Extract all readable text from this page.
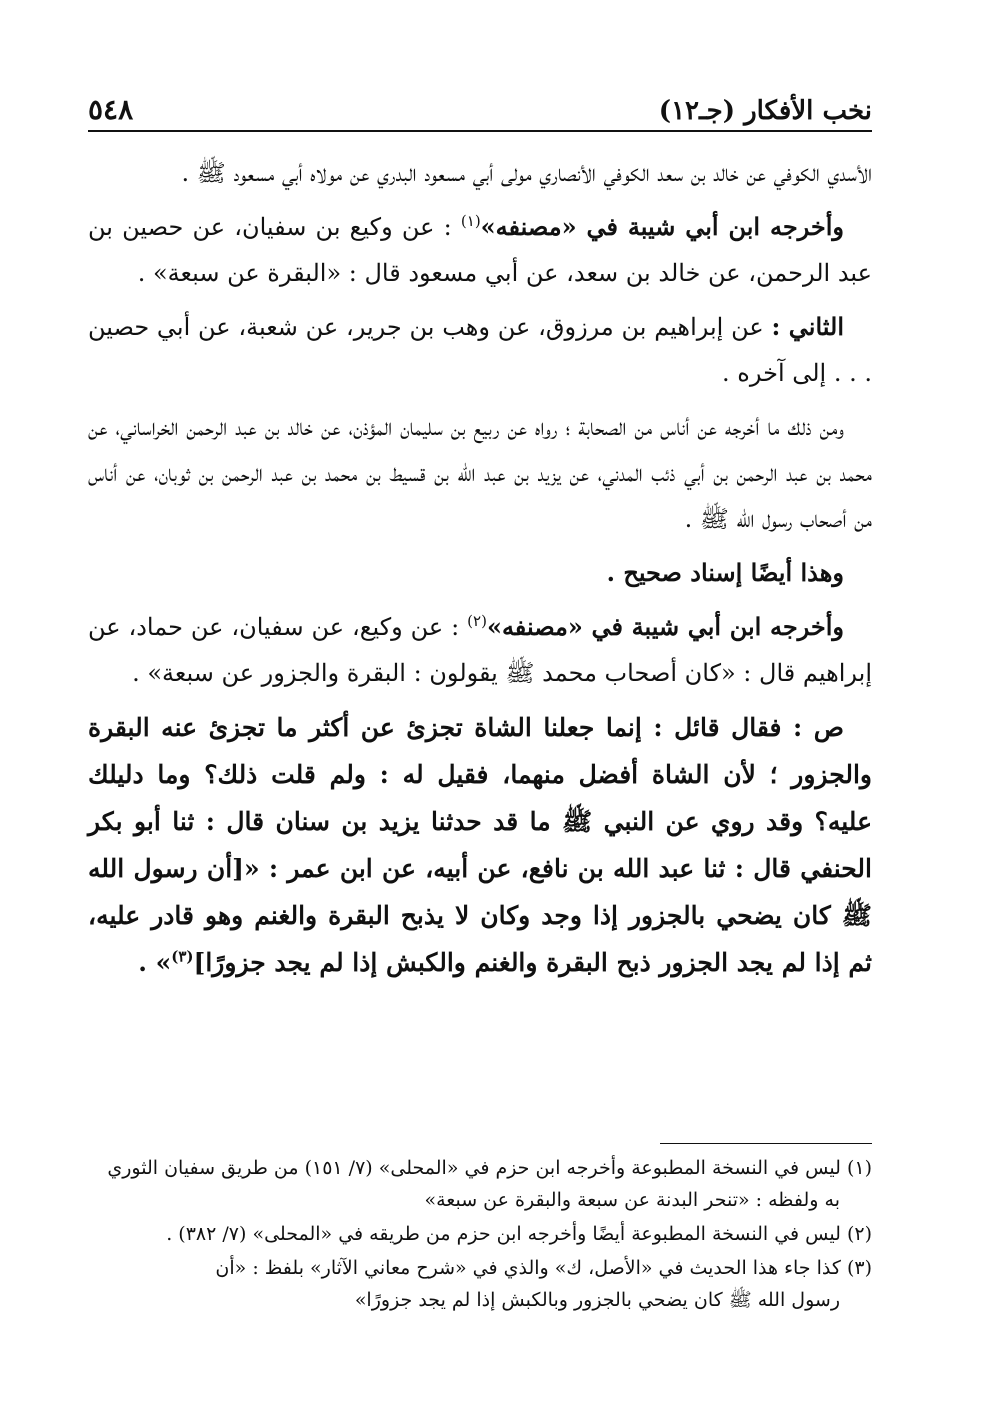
نخب الأفكار (جـ١٢)
٥٤٨

الأسدي الكوفي عن خالد بن سعد الكوفي الأنصاري مولى أبي مسعود البدري عن مولاه أبي مسعود ﷺ .

وأخرجه ابن أبي شيبة في «مصنفه»$^{(١)}$ : عن وكيع بن سفيان، عن حصين بن عبد الرحمن، عن خالد بن سعد، عن أبي مسعود قال : «البقرة عن سبعة» .

الثاني : عن إبراهيم بن مرزوق، عن وهب بن جرير، عن شعبة، عن أبي حصين . . . إلى آخره .

ومن ذلك ما أخرجه عن أناس من الصحابة ؛ رواه عن ربيع بن سليمان المؤذن، عن خالد بن عبد الرحمن الخراساني، عن محمد بن عبد الرحمن بن أبي ذئب المدني، عن يزيد بن عبد الله بن قسيط بن محمد بن عبد الرحمن بن ثوبان، عن أناس من أصحاب رسول الله ﷺ .

وهذا أيضًا إسناد صحيح .

وأخرجه ابن أبي شيبة في «مصنفه»$^{(٢)}$ : عن وكيع، عن سفيان، عن حماد، عن إبراهيم قال : «كان أصحاب محمد ﷺ يقولون : البقرة والجزور عن سبعة» .

ص : فقال قائل : إنما جعلنا الشاة تجزئ عن أكثر ما تجزئ عنه البقرة والجزور ؛ لأن الشاة أفضل منهما، فقيل له : ولم قلت ذلك؟ وما دليلك عليه؟ وقد روي عن النبي ﷺ ما قد حدثنا يزيد بن سنان قال : ثنا أبو بكر الحنفي قال : ثنا عبد الله بن نافع، عن أبيه، عن ابن عمر : «[أن رسول الله ﷺ كان يضحي بالجزور إذا وجد وكان لا يذبح البقرة والغنم وهو قادر عليه، ثم إذا لم يجد الجزور ذبح البقرة والغنم والكبش إذا لم يجد جزورًا]$^{(٣)}$» .

(١) ليس في النسخة المطبوعة وأخرجه ابن حزم في «المحلى» (٧/ ١٥١) من طريق سفيان الثوري
به ولفظه : «تنحر البدنة عن سبعة والبقرة عن سبعة»
(٢) ليس في النسخة المطبوعة أيضًا وأخرجه ابن حزم من طريقه في «المحلى» (٧/ ٣٨٢) .
(٣) كذا جاء هذا الحديث في «الأصل، ك» والذي في «شرح معاني الآثار» بلفظ : «أن
رسول الله ﷺ كان يضحي بالجزور وبالكبش إذا لم يجد جزورًا»
